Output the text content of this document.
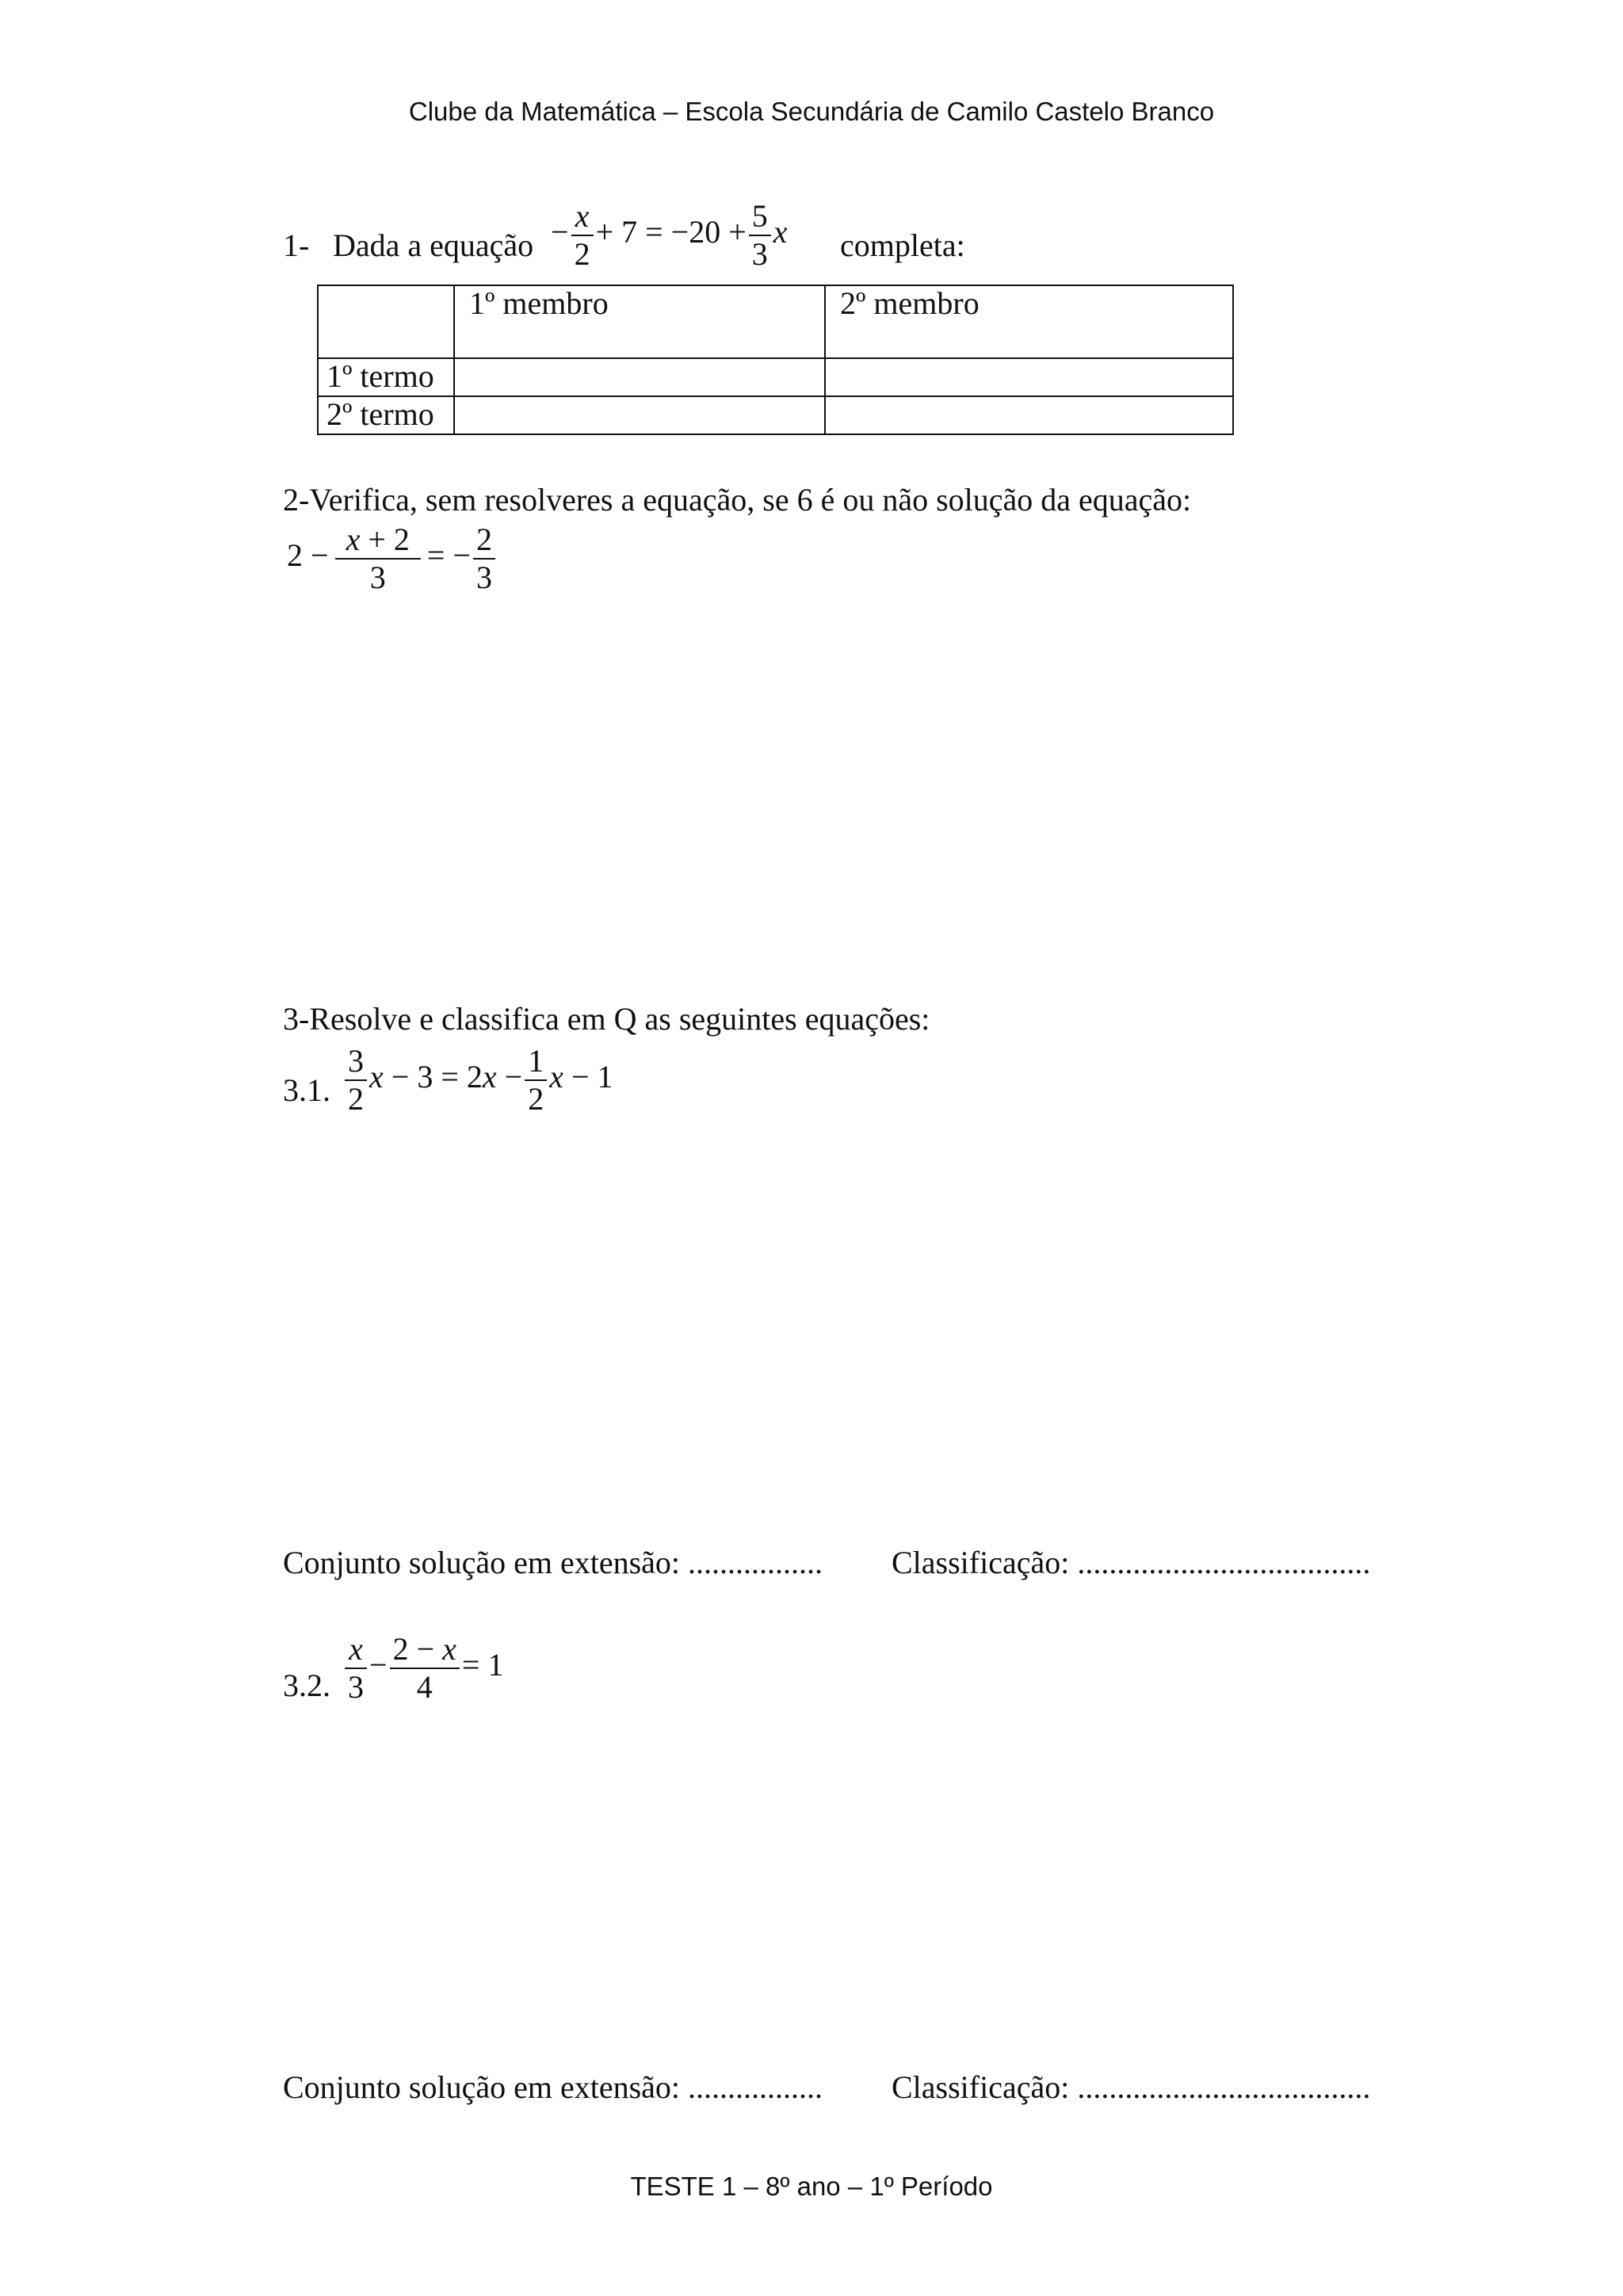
Clube da Matemática – Escola Secundária de Camilo Castelo Branco
1- Dada a equação − $\frac{x}{2} + 7 = -20 + \frac{5}{3}$ x completa:
	1º membro	2º membro
1º termo		
2º termo		
2-Verifica, sem resolveres a equação, se 6 é ou não solução da equação:
$2 - \frac{x + 2}{3}$ = − $\frac{2}{3}$
3-Resolve e classifica em Q as seguintes equações:
3.1. $\frac{3}{2}$ $x - 3 = 2x - \frac{1}{2}$ x − 1
Conjunto solução em extensão: ................. Classificação: .....................................
3.2. $\frac{x}{3} - \frac{2 - x}{4} = 1$
Conjunto solução em extensão: ................. Classificação: .....................................
TESTE 1 – 8º ano – 1º Período
